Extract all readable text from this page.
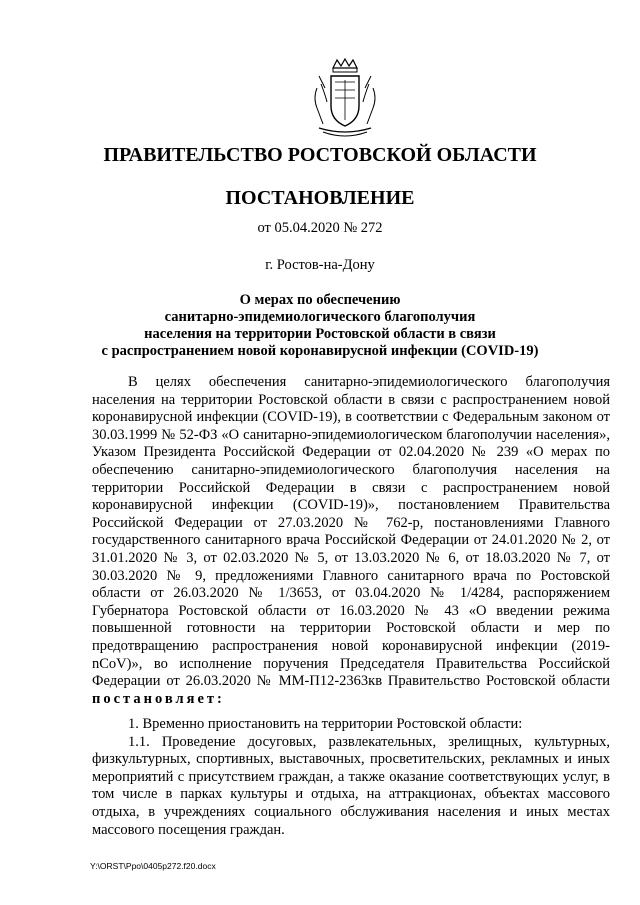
ПРАВИТЕЛЬСТВО РОСТОВСКОЙ ОБЛАСТИ
ПОСТАНОВЛЕНИЕ
от 05.04.2020 № 272
г. Ростов-на-Дону
О мерах по обеспечению
санитарно-эпидемиологического благополучия
населения на территории Ростовской области в связи
с распространением новой коронавирусной инфекции (COVID-19)

В целях обеспечения санитарно-эпидемиологического благополучия населения на территории Ростовской области в связи с распространением новой коронавирусной инфекции (COVID-19), в соответствии с Федеральным законом от 30.03.1999 № 52-ФЗ «О санитарно-эпидемиологическом благополучии населения», Указом Президента Российской Федерации от 02.04.2020 № 239 «О мерах по обеспечению санитарно-эпидемиологического благополучия населения на территории Российской Федерации в связи с распространением новой коронавирусной инфекции (COVID-19)», постановлением Правительства Российской Федерации от 27.03.2020 № 762-р, постановлениями Главного государственного санитарного врача Российской Федерации от 24.01.2020 № 2, от 31.01.2020 № 3, от 02.03.2020 № 5, от 13.03.2020 № 6, от 18.03.2020 № 7, от 30.03.2020 № 9, предложениями Главного санитарного врача по Ростовской области от 26.03.2020 № 1/3653, от 03.04.2020 № 1/4284, распоряжением Губернатора Ростовской области от 16.03.2020 № 43 «О введении режима повышенной готовности на территории Ростовской области и мер по предотвращению распространения новой коронавирусной инфекции (2019-nCoV)», во исполнение поручения Председателя Правительства Российской Федерации от 26.03.2020 № ММ-П12-2363кв Правительство Ростовской области постановляет:

1. Временно приостановить на территории Ростовской области:

1.1. Проведение досуговых, развлекательных, зрелищных, культурных, физкультурных, спортивных, выставочных, просветительских, рекламных и иных мероприятий с присутствием граждан, а также оказание соответствующих услуг, в том числе в парках культуры и отдыха, на аттракционах, объектах массового отдыха, в учреждениях социального обслуживания населения и иных местах массового посещения граждан.

Y:\ORST\Ppo\0405p272.f20.docx
